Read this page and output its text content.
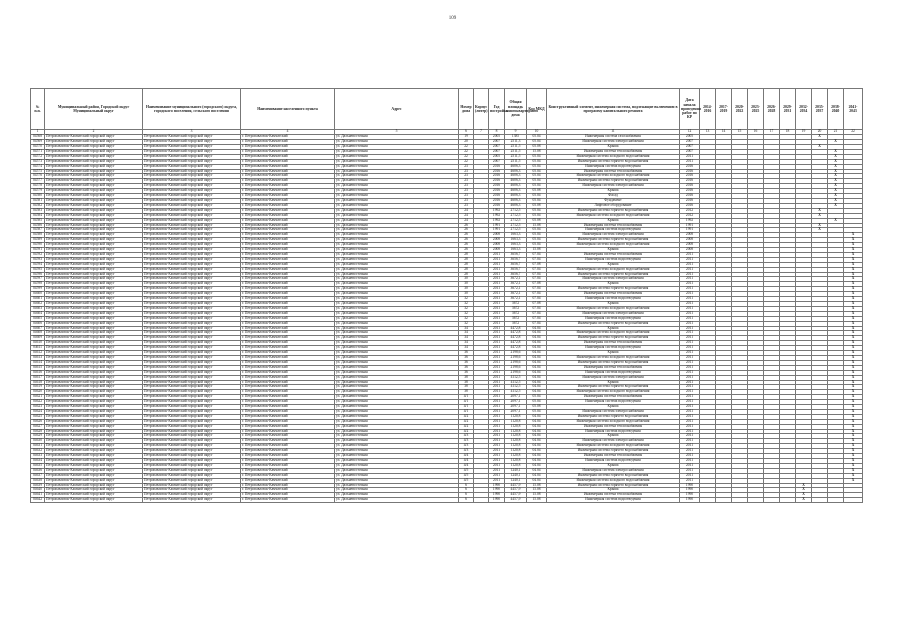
109
№ п.п.	Муниципальный район, Городской округ Муниципальный округ	Наименование муниципального (городского) округа, городского поселения, сельского поселения	Наименование населенного пункта	Адрес	Номер дома	Корпус (литер)	Год постройки	Общая площадь многоквартирного дома	Код МКД	Конструктивный элемент, инженерная система, подлежащие включению в программу капитального ремонта	Дата начала проведения работ по КР	2014-2016	2017-2019	2020-2022	2023-2025	2026-2028	2029-2031	2032-2034	2035-2037	2038-2040	2041-2043
1	2	3	4	5	6	7	8	9	10	11	12	13	14	15	16	17	18	19	20	21	22
04568	Петропавловск-Камчатский городской округ	Петропавловск-Камчатский городской округ	г. Петропавловск-Камчатский	ул. Дальневосточная	19		2005	1385	05.04	Инженерная система газоснабжения	2005								X		
04569	Петропавловск-Камчатский городской округ	Петропавловск-Камчатский городской округ	г. Петропавловск-Камчатский	ул. Дальневосточная	20		2007	2511,3	05.04	Инженерная система электроснабжения	2007									X	
04570	Петропавловск-Камчатский городской округ	Петропавловск-Камчатский городской округ	г. Петропавловск-Камчатский	ул. Дальневосточная	22		2007	2511,5	05.08	Крыша	2007								X		
04571	Петропавловск-Камчатский городской округ	Петропавловск-Камчатский городской округ	г. Петропавловск-Камчатский	ул. Дальневосточная	22		2007	2511,5	15.08	Инженерная система теплоснабжения	2007									X	
04572	Петропавловск-Камчатский городской округ	Петропавловск-Камчатский городской округ	г. Петропавловск-Камчатский	ул. Дальневосточная	22		2005	2511,5	05.04	Инженерная система холодного водоснабжения	2011									X	
04573	Петропавловск-Камчатский городской округ	Петропавловск-Камчатский городской округ	г. Петропавловск-Камчатский	ул. Дальневосточная	22		2007	2511,5	05.04	Инженерная система горячего водоснабжения	2011									X	
04574	Петропавловск-Камчатский городской округ	Петропавловск-Камчатский городской округ	г. Петропавловск-Камчатский	ул. Дальневосточная	23		2016	4606,3	05.04	Инженерная система водоотведения	2016									X	
04575	Петропавловск-Камчатский городской округ	Петропавловск-Камчатский городской округ	г. Петропавловск-Камчатский	ул. Дальневосточная	23		2016	4606,3	05.04	Инженерная система теплоснабжения	2016									X	
04576	Петропавловск-Камчатский городской округ	Петропавловск-Камчатский городской округ	г. Петропавловск-Камчатский	ул. Дальневосточная	23		2016	4606,3	05.04	Инженерная система холодного водоснабжения	2016									X	
04577	Петропавловск-Камчатский городской округ	Петропавловск-Камчатский городской округ	г. Петропавловск-Камчатский	ул. Дальневосточная	23		2016	4606,3	05.04	Инженерная система горячего водоснабжения	2016									X	
04578	Петропавловск-Камчатский городской округ	Петропавловск-Камчатский городской округ	г. Петропавловск-Камчатский	ул. Дальневосточная	23		2016	4606,3	05.04	Инженерная система электроснабжения	2016									X	
04579	Петропавловск-Камчатский городской округ	Петропавловск-Камчатский городской округ	г. Петропавловск-Камчатский	ул. Дальневосточная	23		2016	4606,3	05.08	Крыша	2016									X	
04580	Петропавловск-Камчатский городской округ	Петропавловск-Камчатский городской округ	г. Петропавловск-Камчатский	ул. Дальневосточная	23		2016	4606,3	05.04	Фасад	2016									X	
04581	Петропавловск-Камчатский городской округ	Петропавловск-Камчатский городской округ	г. Петропавловск-Камчатский	ул. Дальневосточная	23		2016	4606,3	05.04	Фундамент	2016									X	
04582	Петропавловск-Камчатский городской округ	Петропавловск-Камчатский городской округ	г. Петропавловск-Камчатский	ул. Дальневосточная	23		2016	4606,3	05.08	Лифтовое оборудование	2016									X	
04583	Петропавловск-Камчатский городской округ	Петропавловск-Камчатский городской округ	г. Петропавловск-Камчатский	ул. Дальневосточная	24		1992	2712,5	05.04	Инженерная система горячего водоснабжения	2012								X		
04584	Петропавловск-Камчатский городской округ	Петропавловск-Камчатский городской округ	г. Петропавловск-Камчатский	ул. Дальневосточная	24		1992	2712,5	05.04	Инженерная система холодного водоснабжения	2012								X		
04585	Петропавловск-Камчатский городской округ	Петропавловск-Камчатский городской округ	г. Петропавловск-Камчатский	ул. Дальневосточная	24		1992	2712,5	05.08	Крыша	1992									X	
04586	Петропавловск-Камчатский городской округ	Петропавловск-Камчатский городской округ	г. Петропавловск-Камчатский	ул. Дальневосточная	26		1991	2712,5	15.08	Инженерная система теплоснабжения	1991								X		
04587	Петропавловск-Камчатский городской округ	Петропавловск-Камчатский городской округ	г. Петропавловск-Камчатский	ул. Дальневосточная	26		1991	2712,5	05.04	Инженерная система водоотведения	1991								X		
04588	Петропавловск-Камчатский городской округ	Петропавловск-Камчатский городской округ	г. Петропавловск-Камчатский	ул. Дальневосточная	26		2008	1663,3	05.04	Инженерная система электроснабжения	2008										X
04589	Петропавловск-Камчатский городской округ	Петропавловск-Камчатский городской округ	г. Петропавловск-Камчатский	ул. Дальневосточная	26		2008	1663,3	05.04	Инженерная система горячего водоснабжения	2008										X
04590	Петропавловск-Камчатский городской округ	Петропавловск-Камчатский городской округ	г. Петропавловск-Камчатский	ул. Дальневосточная	26		2008	1663,3	05.04	Инженерная система холодного водоснабжения	2008										X
04591	Петропавловск-Камчатский городской округ	Петропавловск-Камчатский городской округ	г. Петропавловск-Камчатский	ул. Дальневосточная	26		2008	1663,3	15.08	Крыша	2008										X
04592	Петропавловск-Камчатский городской округ	Петропавловск-Камчатский городской округ	г. Петропавловск-Камчатский	ул. Дальневосточная	28		2011	3656,7	07.04	Инженерная система теплоснабжения	2011										X
04593	Петропавловск-Камчатский городской округ	Петропавловск-Камчатский городской округ	г. Петропавловск-Камчатский	ул. Дальневосточная	28		2011	3656,7	07.04	Инженерная система водоотведения	2011										X
04594	Петропавловск-Камчатский городской округ	Петропавловск-Камчатский городской округ	г. Петропавловск-Камчатский	ул. Дальневосточная	28		2011	3656,7	07.08	Крыша	2011										X
04595	Петропавловск-Камчатский городской округ	Петропавловск-Камчатский городской округ	г. Петропавловск-Камчатский	ул. Дальневосточная	28		2011	3656,7	07.04	Инженерная система холодного водоснабжения	2011										X
04596	Петропавловск-Камчатский городской округ	Петропавловск-Камчатский городской округ	г. Петропавловск-Камчатский	ул. Дальневосточная	28		2011	3656,7	07.04	Инженерная система горячего водоснабжения	2011										X
04597	Петропавловск-Камчатский городской округ	Петропавловск-Камчатский городской округ	г. Петропавловск-Камчатский	ул. Дальневосточная	30		2011	3672,1	07.04	Инженерная система электроснабжения	2011										X
04598	Петропавловск-Камчатский городской округ	Петропавловск-Камчатский городской округ	г. Петропавловск-Камчатский	ул. Дальневосточная	30		2011	3672,1	07.08	Крыша	2011										X
04599	Петропавловск-Камчатский городской округ	Петропавловск-Камчатский городской округ	г. Петропавловск-Камчатский	ул. Дальневосточная	30		2011	3672,1	07.04	Инженерная система горячего водоснабжения	2011										X
04600	Петропавловск-Камчатский городской округ	Петропавловск-Камчатский городской округ	г. Петропавловск-Камчатский	ул. Дальневосточная	30		2011	3672,1	07.04	Инженерная система теплоснабжения	2011										X
04601	Петропавловск-Камчатский городской округ	Петропавловск-Камчатский городской округ	г. Петропавловск-Камчатский	ул. Дальневосточная	32		2011	3672,1	07.04	Инженерная система водоотведения	2011										X
04602	Петропавловск-Камчатский городской округ	Петропавловск-Камчатский городской округ	г. Петропавловск-Камчатский	ул. Дальневосточная	32		2011	3672	07.08	Крыша	2011										X
04603	Петропавловск-Камчатский городской округ	Петропавловск-Камчатский городской округ	г. Петропавловск-Камчатский	ул. Дальневосточная	32		2011	3672	07.04	Инженерная система холодного водоснабжения	2011										X
04604	Петропавловск-Камчатский городской округ	Петропавловск-Камчатский городской округ	г. Петропавловск-Камчатский	ул. Дальневосточная	32		2011	3672	07.04	Инженерная система электроснабжения	2011										X
04605	Петропавловск-Камчатский городской округ	Петропавловск-Камчатский городской округ	г. Петропавловск-Камчатский	ул. Дальневосточная	32		2011	3672	07.04	Инженерная система водоотведения	2011										X
04606	Петропавловск-Камчатский городской округ	Петропавловск-Камчатский городской округ	г. Петропавловск-Камчатский	ул. Дальневосточная	32		2011	3672	07.04	Инженерная система горячего водоснабжения	2011										X
04607	Петропавловск-Камчатский городской округ	Петропавловск-Камчатский городской округ	г. Петропавловск-Камчатский	ул. Дальневосточная	34		2011	4472,8	04.04	Крыша	2011										X
04608	Петропавловск-Камчатский городской округ	Петропавловск-Камчатский городской округ	г. Петропавловск-Камчатский	ул. Дальневосточная	34		2011	4472,8	04.04	Инженерная система холодного водоснабжения	2011										X
04609	Петропавловск-Камчатский городской округ	Петропавловск-Камчатский городской округ	г. Петропавловск-Камчатский	ул. Дальневосточная	34		2011	4472,8	04.04	Инженерная система горячего водоснабжения	2011										X
04610	Петропавловск-Камчатский городской округ	Петропавловск-Камчатский городской округ	г. Петропавловск-Камчатский	ул. Дальневосточная	34		2011	4472,8	04.04	Инженерная система теплоснабжения	2011										X
04611	Петропавловск-Камчатский городской округ	Петропавловск-Камчатский городской округ	г. Петропавловск-Камчатский	ул. Дальневосточная	34		2011	4472,8	04.04	Инженерная система водоотведения	2011										X
04612	Петропавловск-Камчатский городской округ	Петропавловск-Камчатский городской округ	г. Петропавловск-Камчатский	ул. Дальневосточная	36		2011	2198,6	04.04	Крыша	2011										X
04613	Петропавловск-Камчатский городской округ	Петропавловск-Камчатский городской округ	г. Петропавловск-Камчатский	ул. Дальневосточная	36		2011	2198,6	04.04	Инженерная система холодного водоснабжения	2011										X
04614	Петропавловск-Камчатский городской округ	Петропавловск-Камчатский городской округ	г. Петропавловск-Камчатский	ул. Дальневосточная	36		2011	2198,6	04.04	Инженерная система горячего водоснабжения	2011										X
04615	Петропавловск-Камчатский городской округ	Петропавловск-Камчатский городской округ	г. Петропавловск-Камчатский	ул. Дальневосточная	36		2011	2198,6	04.04	Инженерная система теплоснабжения	2011										X
04616	Петропавловск-Камчатский городской округ	Петропавловск-Камчатский городской округ	г. Петропавловск-Камчатский	ул. Дальневосточная	36		2011	2198,6	04.04	Инженерная система водоотведения	2011										X
04617	Петропавловск-Камчатский городской округ	Петропавловск-Камчатский городской округ	г. Петропавловск-Камчатский	ул. Дальневосточная	38		2011	4112,5	04.04	Инженерная система электроснабжения	2011										X
04618	Петропавловск-Камчатский городской округ	Петропавловск-Камчатский городской округ	г. Петропавловск-Камчатский	ул. Дальневосточная	38		2011	4112,5	04.04	Крыша	2011										X
04619	Петропавловск-Камчатский городской округ	Петропавловск-Камчатский городской округ	г. Петропавловск-Камчатский	ул. Дальневосточная	38		2011	4112,5	04.04	Инженерная система горячего водоснабжения	2011										X
04620	Петропавловск-Камчатский городской округ	Петропавловск-Камчатский городской округ	г. Петропавловск-Камчатский	ул. Дальневосточная	38		2011	4112,5	04.04	Инженерная система холодного водоснабжения	2011										X
04621	Петропавловск-Камчатский городской округ	Петропавловск-Камчатский городской округ	г. Петропавловск-Камчатский	ул. Дальневосточная	4/1		2011	2097,1	05.04	Инженерная система теплоснабжения	2011										X
04622	Петропавловск-Камчатский городской округ	Петропавловск-Камчатский городской округ	г. Петропавловск-Камчатский	ул. Дальневосточная	4/1		2011	2097,1	05.04	Инженерная система водоотведения	2011										X
04623	Петропавловск-Камчатский городской округ	Петропавловск-Камчатский городской округ	г. Петропавловск-Камчатский	ул. Дальневосточная	4/1		2011	2097,1	05.08	Крыша	2011										X
04624	Петропавловск-Камчатский городской округ	Петропавловск-Камчатский городской округ	г. Петропавловск-Камчатский	ул. Дальневосточная	4/1		2011	2097,1	05.04	Инженерная система электроснабжения	2011										X
04625	Петропавловск-Камчатский городской округ	Петропавловск-Камчатский городской округ	г. Петропавловск-Камчатский	ул. Дальневосточная	4/2		2011	1120,8	04.04	Инженерная система горячего водоснабжения	2011										X
04626	Петропавловск-Камчатский городской округ	Петропавловск-Камчатский городской округ	г. Петропавловск-Камчатский	ул. Дальневосточная	4/2		2011	1120,8	04.04	Инженерная система холодного водоснабжения	2011										X
04627	Петропавловск-Камчатский городской округ	Петропавловск-Камчатский городской округ	г. Петропавловск-Камчатский	ул. Дальневосточная	4/2		2011	1120,8	04.04	Инженерная система теплоснабжения	2011										X
04628	Петропавловск-Камчатский городской округ	Петропавловск-Камчатский городской округ	г. Петропавловск-Камчатский	ул. Дальневосточная	4/2		2011	1120,8	04.04	Инженерная система водоотведения	2011										X
04629	Петропавловск-Камчатский городской округ	Петропавловск-Камчатский городской округ	г. Петропавловск-Камчатский	ул. Дальневосточная	4/3		2011	1120,8	04.04	Крыша	2011										X
04630	Петропавловск-Камчатский городской округ	Петропавловск-Камчатский городской округ	г. Петропавловск-Камчатский	ул. Дальневосточная	4/3		2011	1120,8	04.04	Инженерная система электроснабжения	2011										X
04631	Петропавловск-Камчатский городской округ	Петропавловск-Камчатский городской округ	г. Петропавловск-Камчатский	ул. Дальневосточная	4/3		2011	1120,8	04.04	Инженерная система холодного водоснабжения	2011										X
04632	Петропавловск-Камчатский городской округ	Петропавловск-Камчатский городской округ	г. Петропавловск-Камчатский	ул. Дальневосточная	4/3		2011	1120,8	04.04	Инженерная система горячего водоснабжения	2011										X
04633	Петропавловск-Камчатский городской округ	Петропавловск-Камчатский городской округ	г. Петропавловск-Камчатский	ул. Дальневосточная	4/4		2011	1120,8	04.04	Инженерная система теплоснабжения	2011										X
04634	Петропавловск-Камчатский городской округ	Петропавловск-Камчатский городской округ	г. Петропавловск-Камчатский	ул. Дальневосточная	4/4		2011	1120,8	04.04	Инженерная система водоотведения	2011										X
04635	Петропавловск-Камчатский городской округ	Петропавловск-Камчатский городской округ	г. Петропавловск-Камчатский	ул. Дальневосточная	4/4		2011	1120,8	04.04	Крыша	2011										X
04636	Петропавловск-Камчатский городской округ	Петропавловск-Камчатский городской округ	г. Петропавловск-Камчатский	ул. Дальневосточная	4/5		2011	1240,1	04.04	Инженерная система электроснабжения	2011										X
04637	Петропавловск-Камчатский городской округ	Петропавловск-Камчатский городской округ	г. Петропавловск-Камчатский	ул. Дальневосточная	4/5		2011	1240,1	04.04	Инженерная система горячего водоснабжения	2011										X
04638	Петропавловск-Камчатский городской округ	Петропавловск-Камчатский городской округ	г. Петропавловск-Камчатский	ул. Дальневосточная	4/5		2011	1240,1	04.04	Инженерная система холодного водоснабжения	2011										X
04639	Петропавловск-Камчатский городской округ	Петропавловск-Камчатский городской округ	г. Петропавловск-Камчатский	ул. Дальневосточная	6		1990	4457,9	15.08	Инженерная система горячего водоснабжения	1990							X			
04640	Петропавловск-Камчатский городской округ	Петропавловск-Камчатский городской округ	г. Петропавловск-Камчатский	ул. Дальневосточная	6		1990	4457,9	15.08	Крыша	1990							X			
04641	Петропавловск-Камчатский городской округ	Петропавловск-Камчатский городской округ	г. Петропавловск-Камчатский	ул. Дальневосточная	6		1990	4457,9	15.08	Инженерная система теплоснабжения	1990							X			
04642	Петропавловск-Камчатский городской округ	Петропавловск-Камчатский городской округ	г. Петропавловск-Камчатский	ул. Дальневосточная	6		1990	4457,9	15.08	Инженерная система водоотведения	1990							X			
